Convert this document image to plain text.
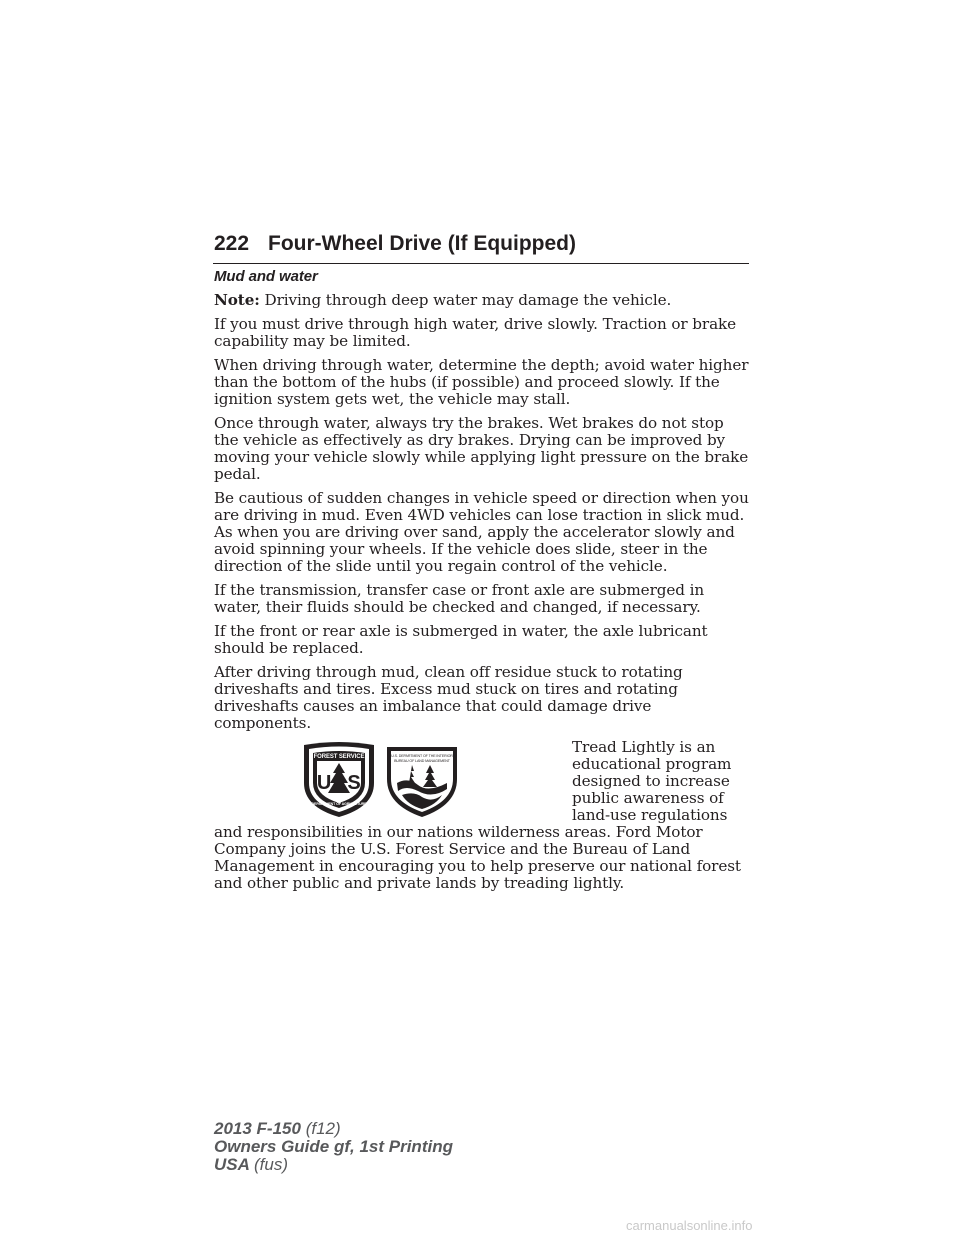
222 Four-Wheel Drive (If Equipped)
Mud and water

Note: Driving through deep water may damage the vehicle.

If you must drive through high water, drive slowly. Traction or brake capability may be limited.

When driving through water, determine the depth; avoid water higher than the bottom of the hubs (if possible) and proceed slowly. If the ignition system gets wet, the vehicle may stall.

Once through water, always try the brakes. Wet brakes do not stop the vehicle as effectively as dry brakes. Drying can be improved by moving your vehicle slowly while applying light pressure on the brake pedal.

Be cautious of sudden changes in vehicle speed or direction when you are driving in mud. Even 4WD vehicles can lose traction in slick mud. As when you are driving over sand, apply the accelerator slowly and avoid spinning your wheels. If the vehicle does slide, steer in the direction of the slide until you regain control of the vehicle.

If the transmission, transfer case or front axle are submerged in water, their fluids should be checked and changed, if necessary.

If the front or rear axle is submerged in water, the axle lubricant should be replaced.

After driving through mud, clean off residue stuck to rotating driveshafts and tires. Excess mud stuck on tires and rotating driveshafts causes an imbalance that could damage drive components.

FOREST SERVICE
U S
DEPARTMENT OF AGRICULTURE
U.S. DEPARTMENT OF THE INTERIOR
BUREAU OF LAND MANAGEMENT

Tread Lightly is an educational program designed to increase public awareness of land-use regulations and responsibilities in our nations wilderness areas. Ford Motor Company joins the U.S. Forest Service and the Bureau of Land Management in encouraging you to help preserve our national forest and other public and private lands by treading lightly.

2013 F-150 (f12)
Owners Guide gf, 1st Printing
USA (fus)
carmanualsonline.info
